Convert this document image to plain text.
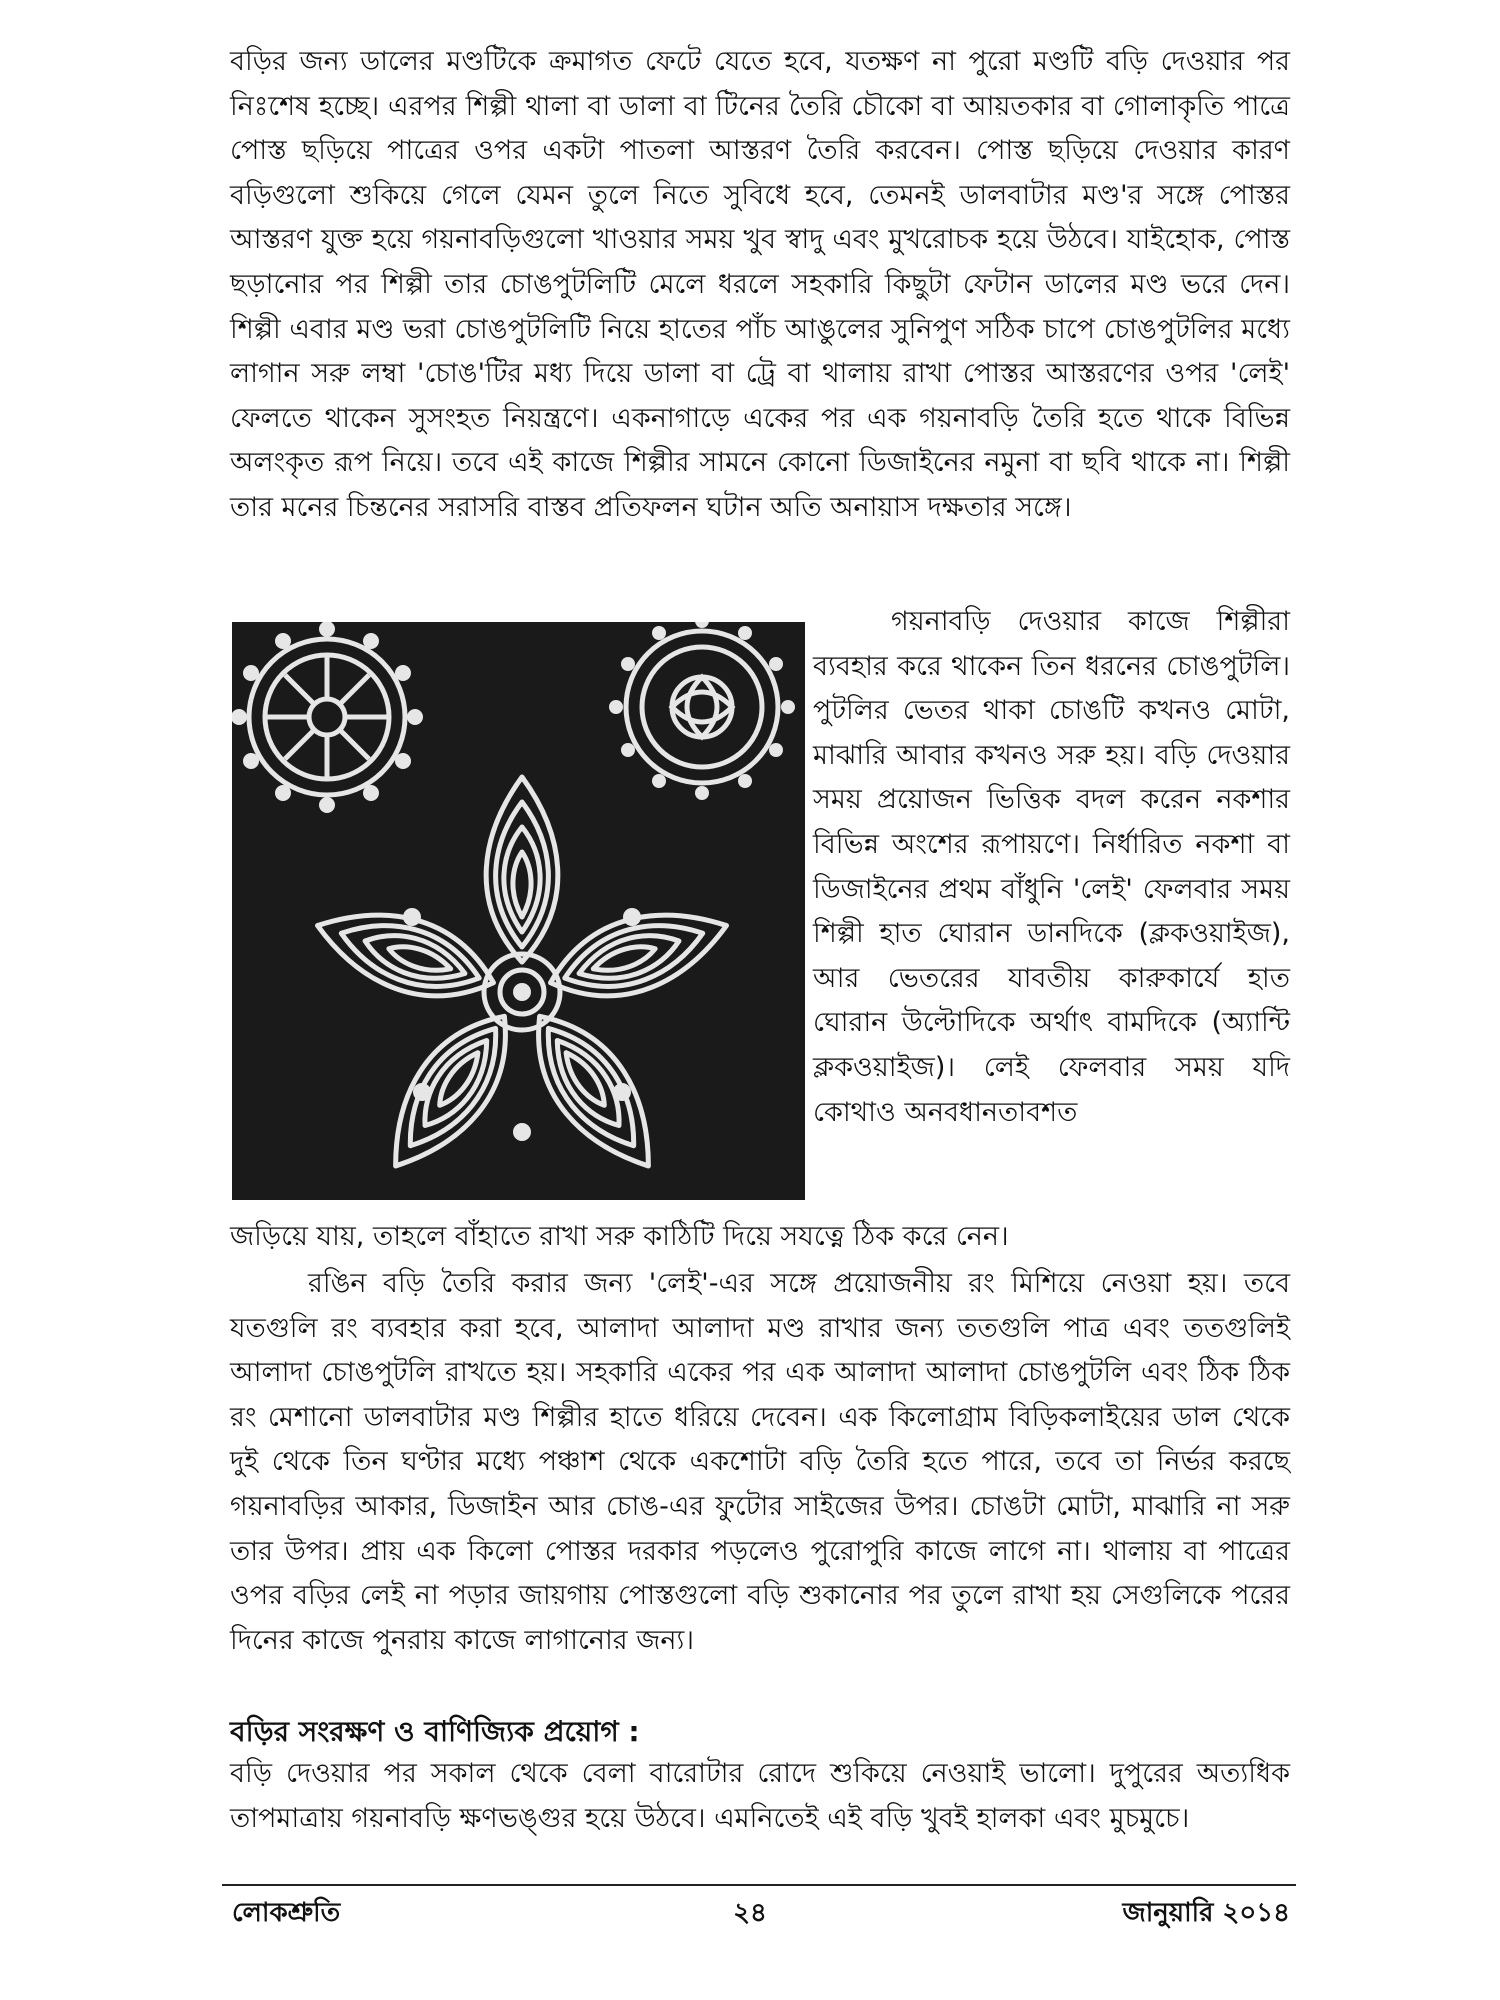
বড়ির জন্য ডালের মণ্ডটিকে ক্রমাগত ফেটে যেতে হবে, যতক্ষণ না পুরো মণ্ডটি বড়ি দেওয়ার পর নিঃশেষ হচ্ছে। এরপর শিল্পী থালা বা ডালা বা টিনের তৈরি চৌকো বা আয়তকার বা গোলাকৃতি পাত্রে পোস্ত ছড়িয়ে পাত্রের ওপর একটা পাতলা আস্তরণ তৈরি করবেন। পোস্ত ছড়িয়ে দেওয়ার কারণ বড়িগুলো শুকিয়ে গেলে যেমন তুলে নিতে সুবিধে হবে, তেমনই ডালবাটার মণ্ড'র সঙ্গে পোস্তর আস্তরণ যুক্ত হয়ে গয়নাবড়িগুলো খাওয়ার সময় খুব স্বাদু এবং মুখরোচক হয়ে উঠবে। যাইহোক, পোস্ত ছড়ানোর পর শিল্পী তার চোঙপুটলিটি মেলে ধরলে সহকারি কিছুটা ফেটান ডালের মণ্ড ভরে দেন। শিল্পী এবার মণ্ড ভরা চোঙপুটলিটি নিয়ে হাতের পাঁচ আঙুলের সুনিপুণ সঠিক চাপে চোঙপুটলির মধ্যে লাগান সরু লম্বা 'চোঙ'টির মধ্য দিয়ে ডালা বা ট্রে বা থালায় রাখা পোস্তর আস্তরণের ওপর 'লেই' ফেলতে থাকেন সুসংহত নিয়ন্ত্রণে। একনাগাড়ে একের পর এক গয়নাবড়ি তৈরি হতে থাকে বিভিন্ন অলংকৃত রূপ নিয়ে। তবে এই কাজে শিল্পীর সামনে কোনো ডিজাইনের নমুনা বা ছবি থাকে না। শিল্পী তার মনের চিন্তনের সরাসরি বাস্তব প্রতিফলন ঘটান অতি অনায়াস দক্ষতার সঙ্গে।

গয়নাবড়ি দেওয়ার কাজে শিল্পীরা ব্যবহার করে থাকেন তিন ধরনের চোঙপুটলি। পুটলির ভেতর থাকা চোঙটি কখনও মোটা, মাঝারি আবার কখনও সরু হয়। বড়ি দেওয়ার সময় প্রয়োজন ভিত্তিক বদল করেন নকশার বিভিন্ন অংশের রূপায়ণে। নির্ধারিত নকশা বা ডিজাইনের প্রথম বাঁধুনি 'লেই' ফেলবার সময় শিল্পী হাত ঘোরান ডানদিকে (ক্লকওয়াইজ), আর ভেতরের যাবতীয় কারুকার্যে হাত ঘোরান উল্টোদিকে অর্থাৎ বামদিকে (অ্যান্টি ক্লকওয়াইজ)। লেই ফেলবার সময় যদি কোথাও অনবধানতাবশত

জড়িয়ে যায়, তাহলে বাঁহাতে রাখা সরু কাঠিটি দিয়ে সযত্নে ঠিক করে নেন।

রঙিন বড়ি তৈরি করার জন্য 'লেই'-এর সঙ্গে প্রয়োজনীয় রং মিশিয়ে নেওয়া হয়। তবে যতগুলি রং ব্যবহার করা হবে, আলাদা আলাদা মণ্ড রাখার জন্য ততগুলি পাত্র এবং ততগুলিই আলাদা চোঙপুটলি রাখতে হয়। সহকারি একের পর এক আলাদা আলাদা চোঙপুটলি এবং ঠিক ঠিক রং মেশানো ডালবাটার মণ্ড শিল্পীর হাতে ধরিয়ে দেবেন। এক কিলোগ্রাম বিড়িকলাইয়ের ডাল থেকে দুই থেকে তিন ঘণ্টার মধ্যে পঞ্চাশ থেকে একশোটা বড়ি তৈরি হতে পারে, তবে তা নির্ভর করছে গয়নাবড়ির আকার, ডিজাইন আর চোঙ-এর ফুটোর সাইজের উপর। চোঙটা মোটা, মাঝারি না সরু তার উপর। প্রায় এক কিলো পোস্তর দরকার পড়লেও পুরোপুরি কাজে লাগে না। থালায় বা পাত্রের ওপর বড়ির লেই না পড়ার জায়গায় পোস্তগুলো বড়ি শুকানোর পর তুলে রাখা হয় সেগুলিকে পরের দিনের কাজে পুনরায় কাজে লাগানোর জন্য।

বড়ির সংরক্ষণ ও বাণিজ্যিক প্রয়োগ :

বড়ি দেওয়ার পর সকাল থেকে বেলা বারোটার রোদে শুকিয়ে নেওয়াই ভালো। দুপুরের অত্যধিক তাপমাত্রায় গয়নাবড়ি ক্ষণভঙ্গুর হয়ে উঠবে। এমনিতেই এই বড়ি খুবই হালকা এবং মুচমুচে।

লোকশ্রুতি	২৪	জানুয়ারি ২০১৪
